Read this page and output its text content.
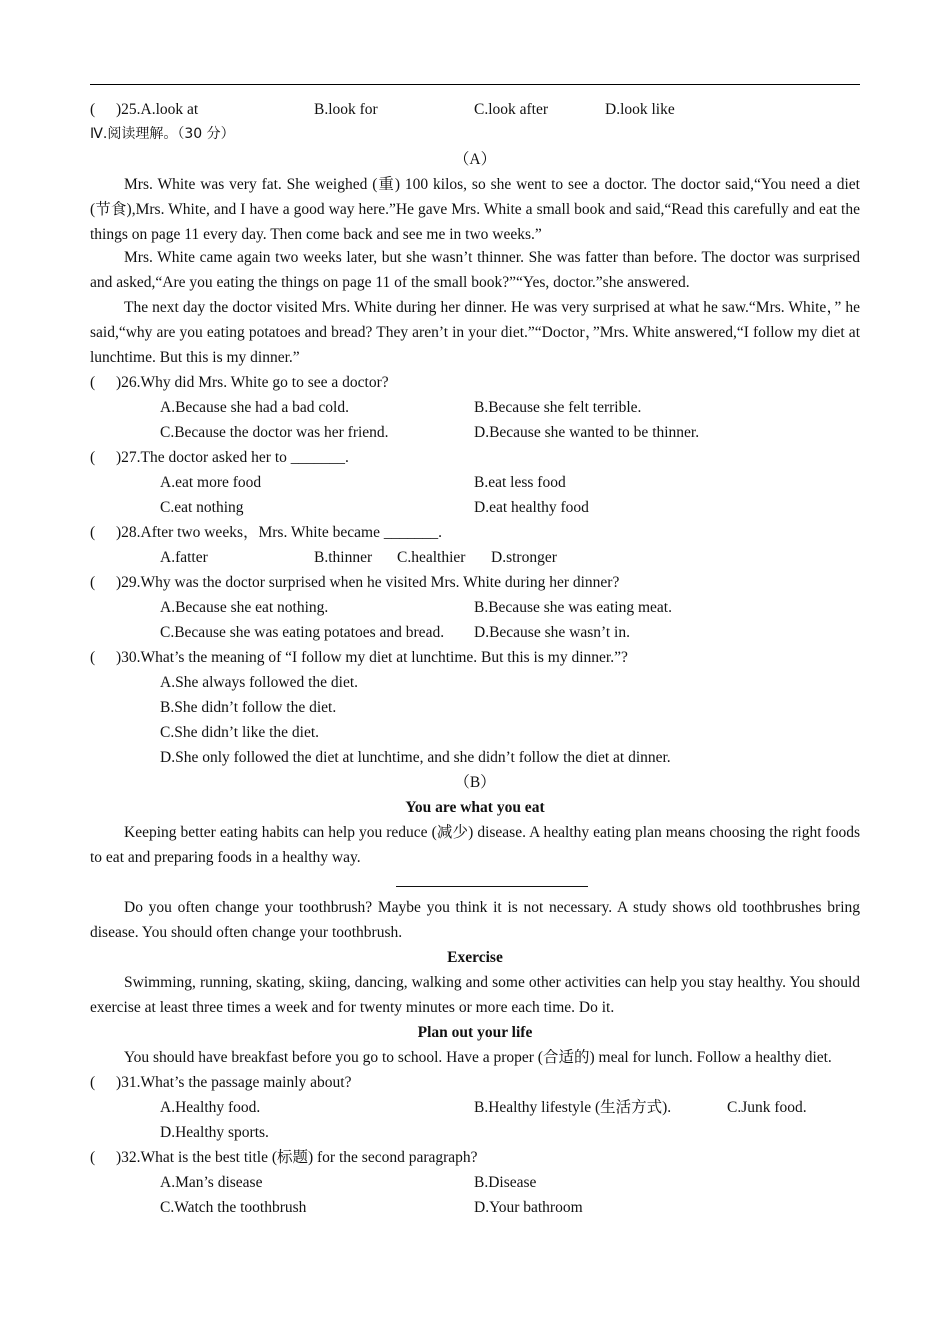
( )25.A.look at	B.look for	C.look after	D.look like
Ⅳ.阅读理解。（30 分）
（A）
Mrs. White was very fat. She weighed (重) 100 kilos, so she went to see a doctor. The doctor said,“You need a diet (节食),Mrs. White, and I have a good way here.”He gave Mrs. White a small book and said,“Read this carefully and eat the things on page 11 every day. Then come back and see me in two weeks.”
Mrs. White came again two weeks later, but she wasn’t thinner. She was fatter than before. The doctor was surprised and asked,“Are you eating the things on page 11 of the small book?”“Yes, doctor.”she answered.
The next day the doctor visited Mrs. White during her dinner. He was very surprised at what he saw.“Mrs. White，” he said,“why are you eating potatoes and bread? They aren’t in your diet.”“Doctor，”Mrs. White answered,“I follow my diet at lunchtime. But this is my dinner.”
( )26.Why did Mrs. White go to see a doctor?
A.Because she had a bad cold.	B.Because she felt terrible.
C.Because the doctor was her friend.	D.Because she wanted to be thinner.
( )27.The doctor asked her to _______.
A.eat more food	B.eat less food
C.eat nothing	D.eat healthy food
( )28.After two weeks，Mrs. White became _______.
A.fatter	B.thinner C.healthier D.stronger
( )29.Why was the doctor surprised when he visited Mrs. White during her dinner?
A.Because she eat nothing.	B.Because she was eating meat.
C.Because she was eating potatoes and bread. D.Because she wasn’t in.
( )30.What’s the meaning of “I follow my diet at lunchtime. But this is my dinner.”?
A.She always followed the diet.
B.She didn’t follow the diet.
C.She didn’t like the diet.
D.She only followed the diet at lunchtime, and she didn’t follow the diet at dinner.
（B）
You are what you eat
Keeping better eating habits can help you reduce (减少) disease. A healthy eating plan means choosing the right foods to eat and preparing foods in a healthy way.
Do you often change your toothbrush? Maybe you think it is not necessary. A study shows old toothbrushes bring disease. You should often change your toothbrush.
Exercise
Swimming, running, skating, skiing, dancing, walking and some other activities can help you stay healthy. You should exercise at least three times a week and for twenty minutes or more each time. Do it.
Plan out your life
You should have breakfast before you go to school. Have a proper (合适的) meal for lunch. Follow a healthy diet.
( )31.What’s the passage mainly about?
A.Healthy food.	B.Healthy lifestyle (生活方式).	C.Junk food.
D.Healthy sports.
( )32.What is the best title (标题) for the second paragraph?
A.Man’s disease	B.Disease
C.Watch the toothbrush	D.Your bathroom
